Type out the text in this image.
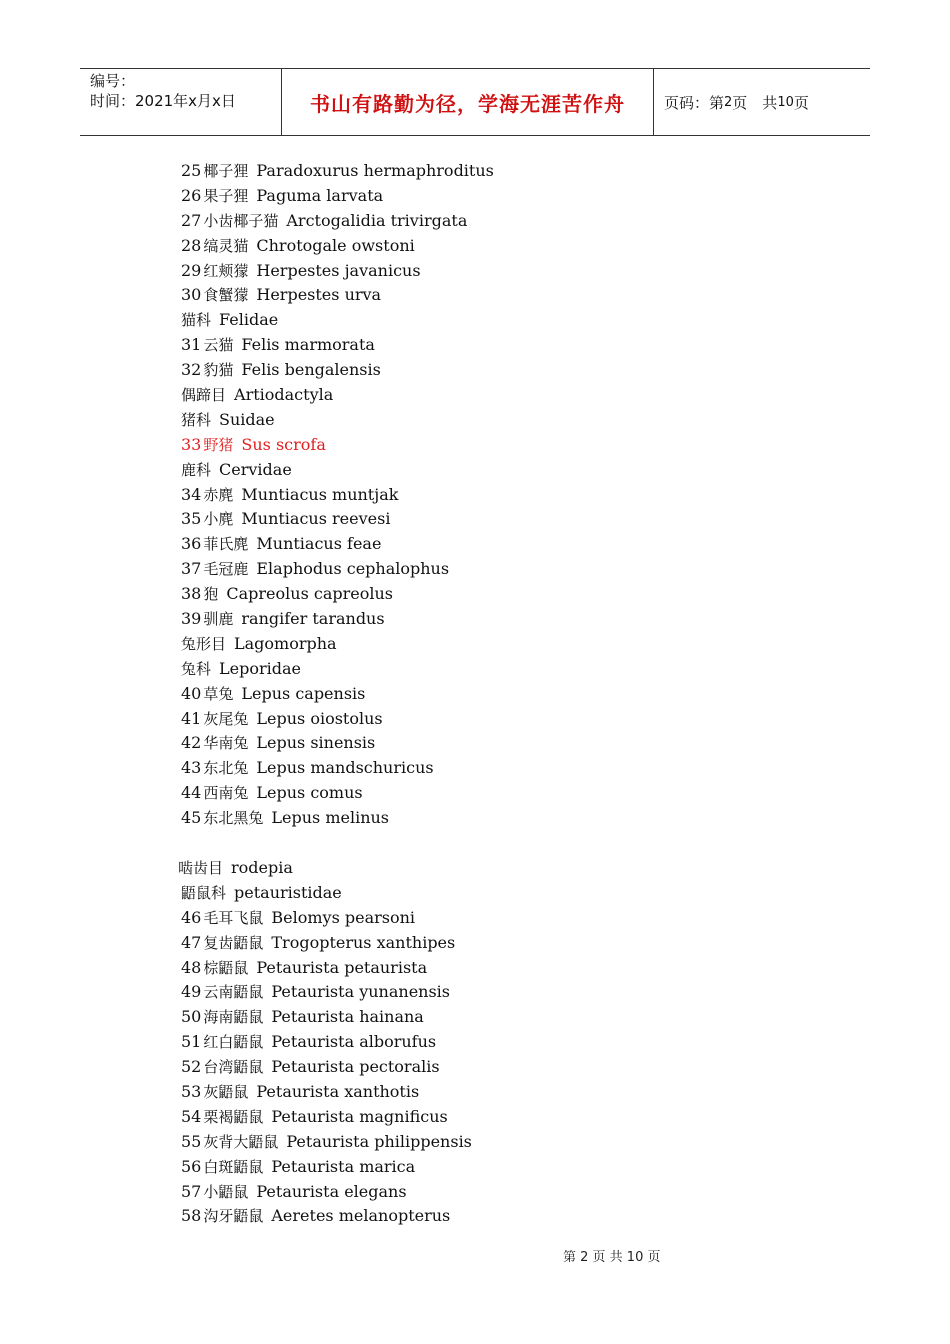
编号：
时间：2021年x月x日	书山有路勤为径，学海无涯苦作舟	页码：第 2 页　共 10 页
25 椰子狸 Paradoxurus hermaphroditus
26 果子狸 Paguma larvata
27 小齿椰子猫 Arctogalidia trivirgata
28 缟灵猫 Chrotogale owstoni
29 红颊獴 Herpestes javanicus
30 食蟹獴 Herpestes urva
猫科 Felidae
31 云猫 Felis marmorata
32 豹猫 Felis bengalensis
偶蹄目 Artiodactyla
猪科 Suidae
33 野猪 Sus scrofa
鹿科 Cervidae
34 赤麂 Muntiacus muntjak
35 小麂 Muntiacus reevesi
36 菲氏麂 Muntiacus feae
37 毛冠鹿 Elaphodus cephalophus
38 狍 Capreolus capreolus
39 驯鹿 rangifer tarandus
兔形目 Lagomorpha
兔科 Leporidae
40 草兔 Lepus capensis
41 灰尾兔 Lepus oiostolus
42 华南兔 Lepus sinensis
43 东北兔 Lepus mandschuricus
44 西南兔 Lepus comus
45 东北黑兔 Lepus melinus
啮齿目 rodepia
鼯鼠科 petauristidae
46 毛耳飞鼠 Belomys pearsoni
47 复齿鼯鼠 Trogopterus xanthipes
48 棕鼯鼠 Petaurista petaurista
49 云南鼯鼠 Petaurista yunanensis
50 海南鼯鼠 Petaurista hainana
51 红白鼯鼠 Petaurista alborufus
52 台湾鼯鼠 Petaurista pectoralis
53 灰鼯鼠 Petaurista xanthotis
54 栗褐鼯鼠 Petaurista magnificus
55 灰背大鼯鼠 Petaurista philippensis
56 白斑鼯鼠 Petaurista marica
57 小鼯鼠 Petaurista elegans
58 沟牙鼯鼠 Aeretes melanopterus
第 2 页 共 10 页
